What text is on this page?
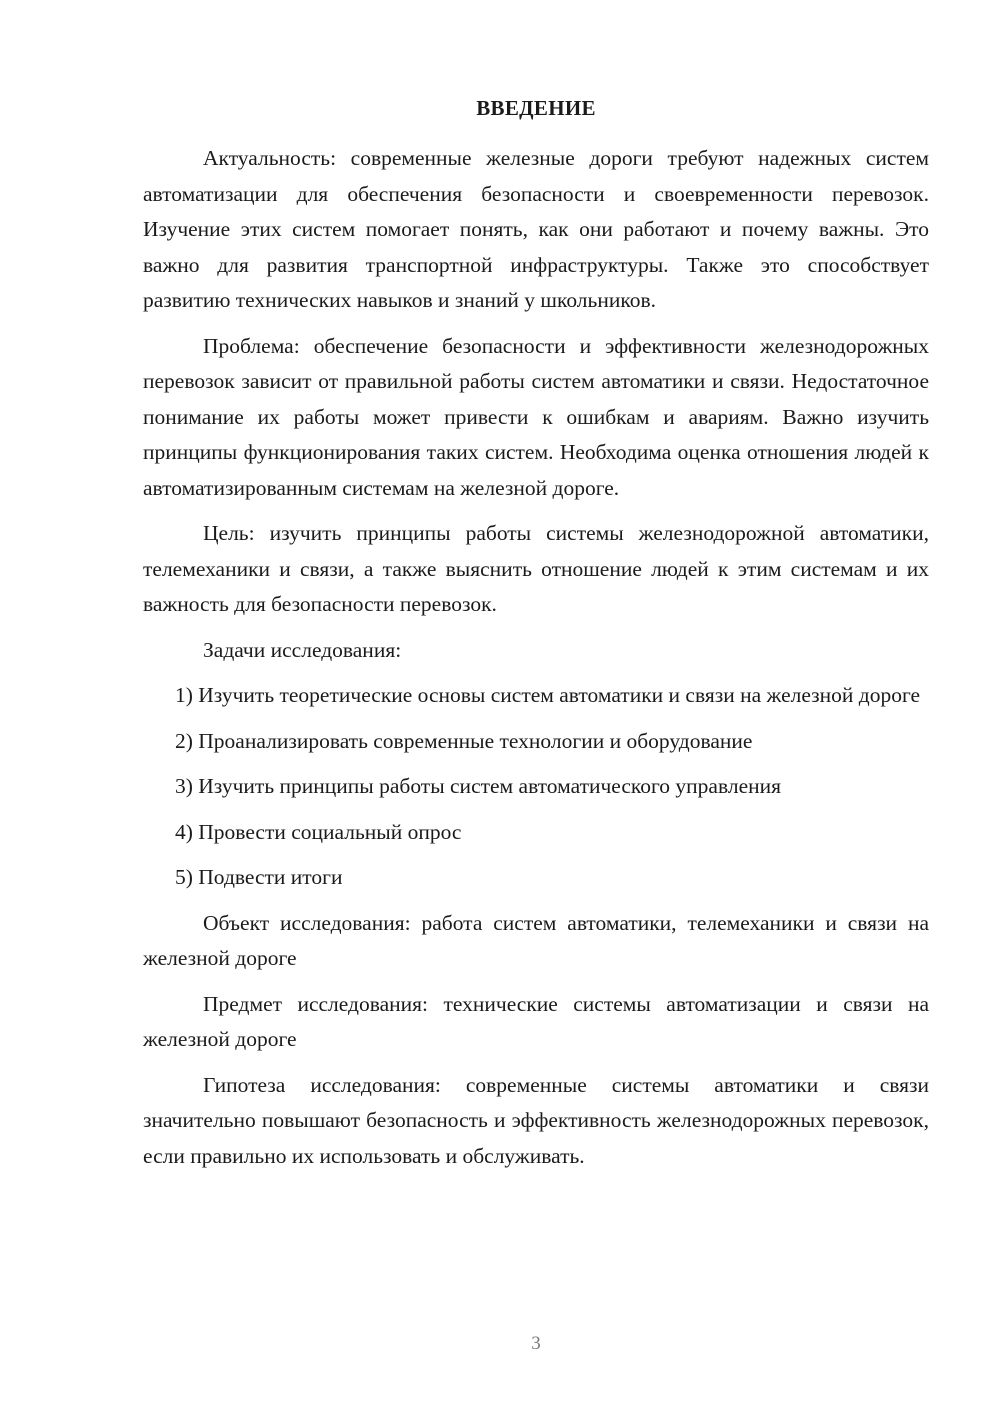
ВВЕДЕНИЕ

Актуальность: современные железные дороги требуют надежных систем автоматизации для обеспечения безопасности и своевременности перевозок. Изучение этих систем помогает понять, как они работают и почему важны. Это важно для развития транспортной инфраструктуры. Также это способствует развитию технических навыков и знаний у школьников.

Проблема: обеспечение безопасности и эффективности железнодорожных перевозок зависит от правильной работы систем автоматики и связи. Недостаточное понимание их работы может привести к ошибкам и авариям. Важно изучить принципы функционирования таких систем. Необходима оценка отношения людей к автоматизированным системам на железной дороге.

Цель: изучить принципы работы системы железнодорожной автоматики, телемеханики и связи, а также выяснить отношение людей к этим системам и их важность для безопасности перевозок.

Задачи исследования:

1) Изучить теоретические основы систем автоматики и связи на железной дороге

2) Проанализировать современные технологии и оборудование

3) Изучить принципы работы систем автоматического управления

4) Провести социальный опрос

5) Подвести итоги

Объект исследования: работа систем автоматики, телемеханики и связи на железной дороге

Предмет исследования: технические системы автоматизации и связи на железной дороге

Гипотеза исследования: современные системы автоматики и связи значительно повышают безопасность и эффективность железнодорожных перевозок, если правильно их использовать и обслуживать.

3
